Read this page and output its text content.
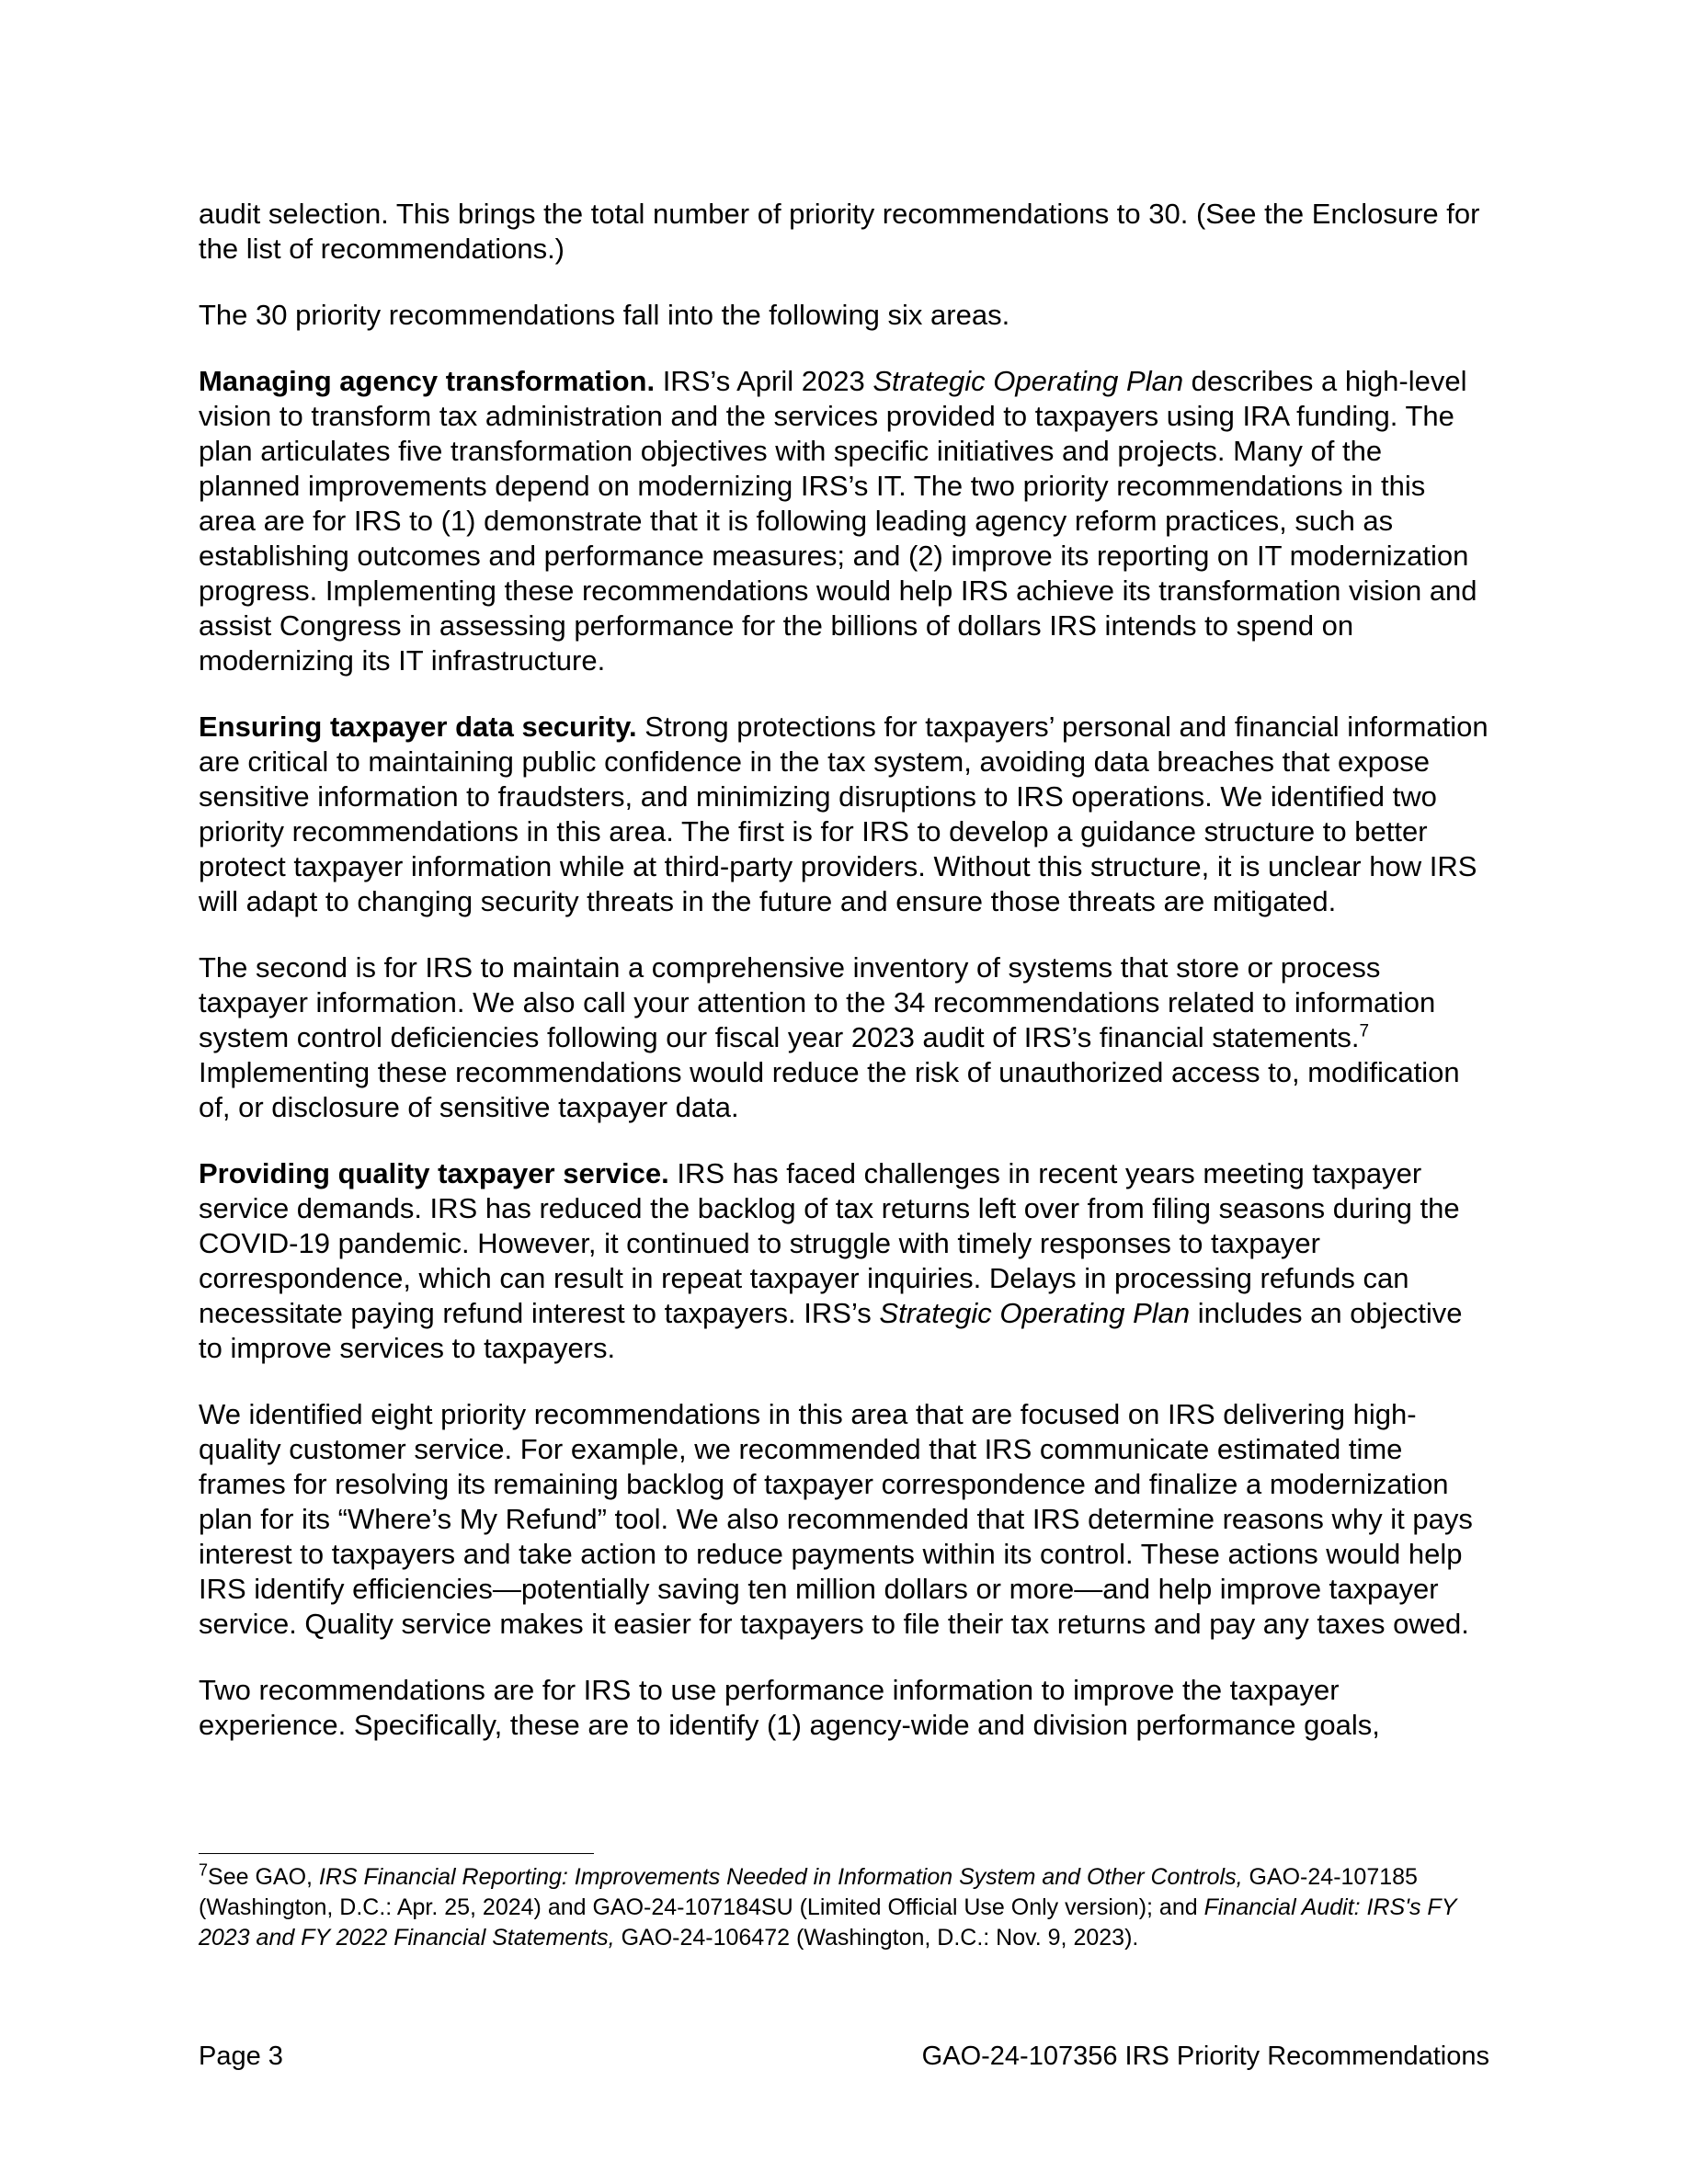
audit selection. This brings the total number of priority recommendations to 30. (See the Enclosure for the list of recommendations.)

The 30 priority recommendations fall into the following six areas.

Managing agency transformation. IRS’s April 2023 Strategic Operating Plan describes a high-level vision to transform tax administration and the services provided to taxpayers using IRA funding. The plan articulates five transformation objectives with specific initiatives and projects. Many of the planned improvements depend on modernizing IRS’s IT. The two priority recommendations in this area are for IRS to (1) demonstrate that it is following leading agency reform practices, such as establishing outcomes and performance measures; and (2) improve its reporting on IT modernization progress. Implementing these recommendations would help IRS achieve its transformation vision and assist Congress in assessing performance for the billions of dollars IRS intends to spend on modernizing its IT infrastructure.

Ensuring taxpayer data security. Strong protections for taxpayers’ personal and financial information are critical to maintaining public confidence in the tax system, avoiding data breaches that expose sensitive information to fraudsters, and minimizing disruptions to IRS operations. We identified two priority recommendations in this area. The first is for IRS to develop a guidance structure to better protect taxpayer information while at third-party providers. Without this structure, it is unclear how IRS will adapt to changing security threats in the future and ensure those threats are mitigated.

The second is for IRS to maintain a comprehensive inventory of systems that store or process taxpayer information. We also call your attention to the 34 recommendations related to information system control deficiencies following our fiscal year 2023 audit of IRS’s financial statements.$^7$ Implementing these recommendations would reduce the risk of unauthorized access to, modification of, or disclosure of sensitive taxpayer data.

Providing quality taxpayer service. IRS has faced challenges in recent years meeting taxpayer service demands. IRS has reduced the backlog of tax returns left over from filing seasons during the COVID-19 pandemic. However, it continued to struggle with timely responses to taxpayer correspondence, which can result in repeat taxpayer inquiries. Delays in processing refunds can necessitate paying refund interest to taxpayers. IRS’s Strategic Operating Plan includes an objective to improve services to taxpayers.

We identified eight priority recommendations in this area that are focused on IRS delivering high-quality customer service. For example, we recommended that IRS communicate estimated time frames for resolving its remaining backlog of taxpayer correspondence and finalize a modernization plan for its “Where’s My Refund” tool. We also recommended that IRS determine reasons why it pays interest to taxpayers and take action to reduce payments within its control. These actions would help IRS identify efficiencies—potentially saving ten million dollars or more—and help improve taxpayer service. Quality service makes it easier for taxpayers to file their tax returns and pay any taxes owed.

Two recommendations are for IRS to use performance information to improve the taxpayer experience. Specifically, these are to identify (1) agency-wide and division performance goals,

$^7$See GAO, IRS Financial Reporting: Improvements Needed in Information System and Other Controls, GAO-24-107185 (Washington, D.C.: Apr. 25, 2024) and GAO-24-107184SU (Limited Official Use Only version); and Financial Audit: IRS's FY 2023 and FY 2022 Financial Statements, GAO-24-106472 (Washington, D.C.: Nov. 9, 2023).
Page 3	GAO-24-107356 IRS Priority Recommendations
